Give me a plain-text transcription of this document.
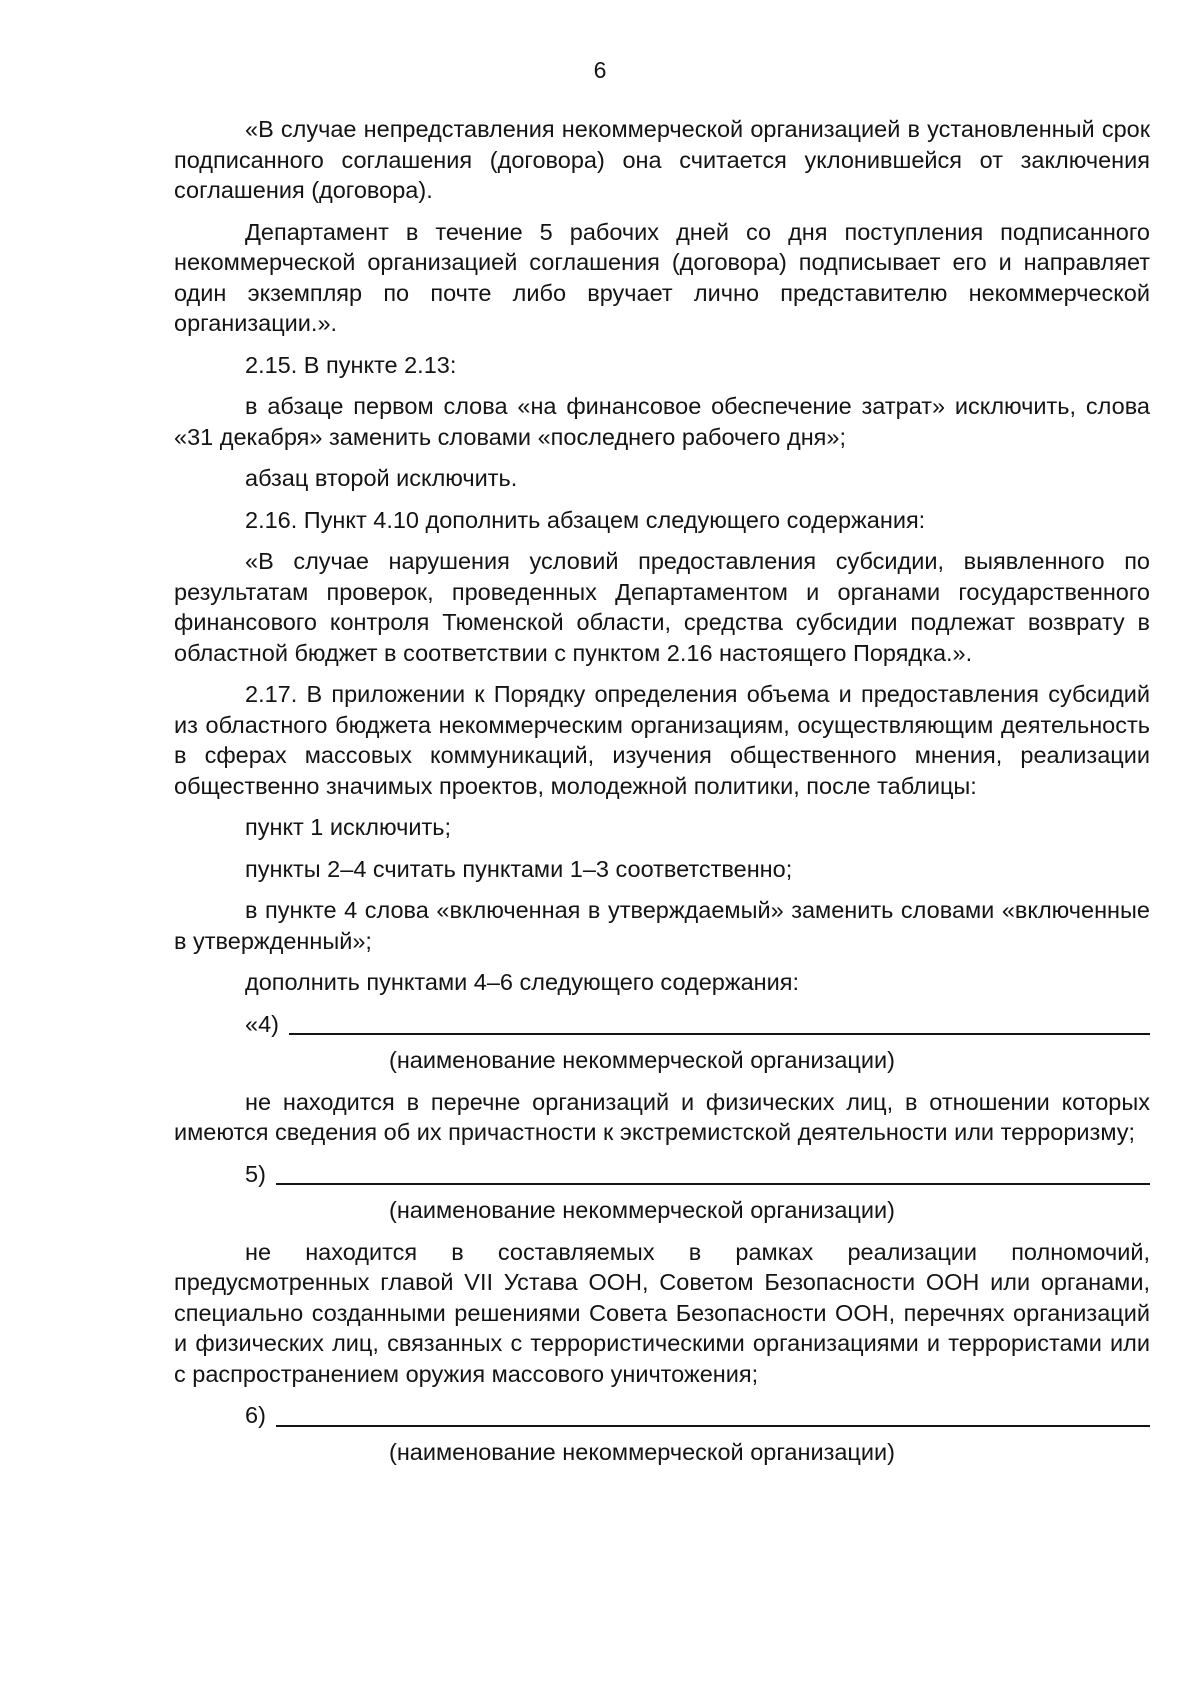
6

«В случае непредставления некоммерческой организацией в установленный срок подписанного соглашения (договора) она считается уклонившейся от заключения соглашения (договора).

Департамент в течение 5 рабочих дней со дня поступления подписанного некоммерческой организацией соглашения (договора) подписывает его и направляет один экземпляр по почте либо вручает лично представителю некоммерческой организации.».

2.15. В пункте 2.13:

в абзаце первом слова «на финансовое обеспечение затрат» исключить, слова «31 декабря» заменить словами «последнего рабочего дня»;

абзац второй исключить.

2.16. Пункт 4.10 дополнить абзацем следующего содержания:

«В случае нарушения условий предоставления субсидии, выявленного по результатам проверок, проведенных Департаментом и органами государственного финансового контроля Тюменской области, средства субсидии подлежат возврату в областной бюджет в соответствии с пунктом 2.16 настоящего Порядка.».

2.17. В приложении к Порядку определения объема и предоставления субсидий из областного бюджета некоммерческим организациям, осуществляющим деятельность в сферах массовых коммуникаций, изучения общественного мнения, реализации общественно значимых проектов, молодежной политики, после таблицы:

пункт 1 исключить;

пункты 2–4 считать пунктами 1–3 соответственно;

в пункте 4 слова «включенная в утверждаемый» заменить словами «включенные в утвержденный»;

дополнить пунктами 4–6 следующего содержания:

«4)

(наименование некоммерческой организации)

не находится в перечне организаций и физических лиц, в отношении которых имеются сведения об их причастности к экстремистской деятельности или терроризму;

5)

(наименование некоммерческой организации)

не находится в составляемых в рамках реализации полномочий, предусмотренных главой VII Устава ООН, Советом Безопасности ООН или органами, специально созданными решениями Совета Безопасности ООН, перечнях организаций и физических лиц, связанных с террористическими организациями и террористами или с распространением оружия массового уничтожения;

6)

(наименование некоммерческой организации)
